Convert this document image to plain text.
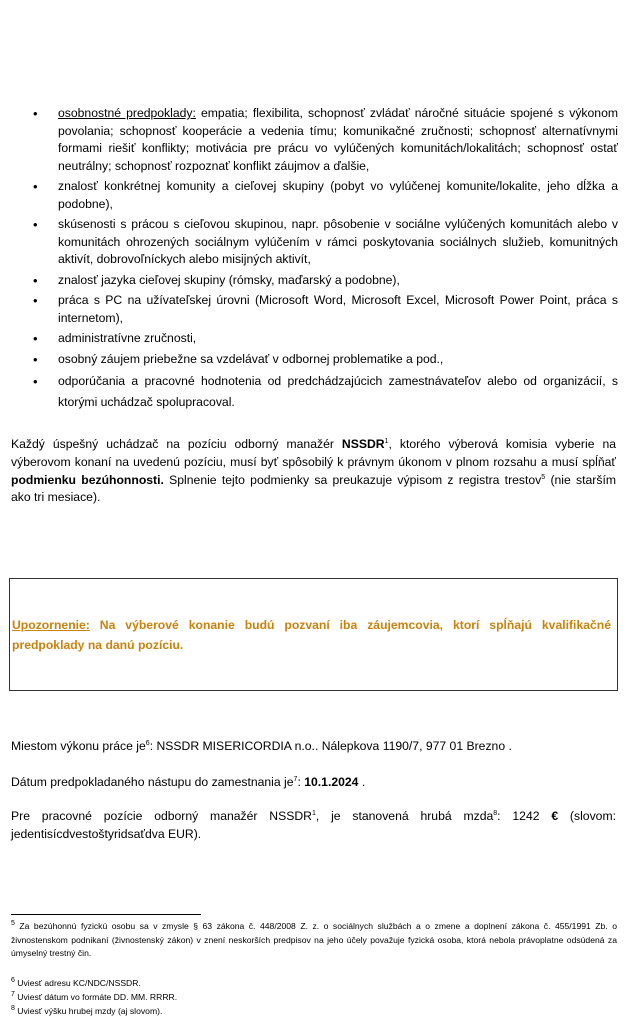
• osobnostné predpoklady: empatia; flexibilita, schopnosť zvládať náročné situácie spojené s výkonom povolania; schopnosť kooperácie a vedenia tímu; komunikačné zručnosti; schopnosť alternatívnymi formami riešiť konflikty; motivácia pre prácu vo vylúčených komunitách/lokalitách; schopnosť ostať neutrálny; schopnosť rozpoznať konflikt záujmov a ďalšie,
• znalosť konkrétnej komunity a cieľovej skupiny (pobyt vo vylúčenej komunite/lokalite, jeho dĺžka a podobne),
• skúsenosti s prácou s cieľovou skupinou, napr. pôsobenie v sociálne vylúčených komunitách alebo v komunitách ohrozených sociálnym vylúčením v rámci poskytovania sociálnych služieb, komunitných aktivít, dobrovoľníckych alebo misijných aktivít,
• znalosť jazyka cieľovej skupiny (rómsky, maďarský a podobne),
• práca s PC na užívateľskej úrovni (Microsoft Word, Microsoft Excel, Microsoft Power Point, práca s internetom),
• administratívne zručnosti,
• osobný záujem priebežne sa vzdelávať v odbornej problematike a pod.,
• odporúčania a pracovné hodnotenia od predchádzajúcich zamestnávateľov alebo od organizácií, s ktorými uchádzač spolupracoval.

Každý úspešný uchádzač na pozíciu odborný manažér NSSDR$^1$, ktorého výberová komisia vyberie na výberovom konaní na uvedenú pozíciu, musí byť spôsobilý k právnym úkonom v plnom rozsahu a musí spĺňať podmienku bezúhonnosti. Splnenie tejto podmienky sa preukazuje výpisom z registra trestov$^5$ (nie starším ako tri mesiace).

Upozornenie: Na výberové konanie budú pozvaní iba záujemcovia, ktorí spĺňajú kvalifikačné predpoklady na danú pozíciu.

Miestom výkonu práce $je^6$: NSSDR MISERICORDIA n.o.. Nálepkova 1190/7, 977 01 Brezno .

Dátum predpokladaného nástupu do zamestnania $je^7$: 10.1.2024 .

Pre pracovné pozície odborný manažér NSSDR$^1$, je stanovená hrubá mzda$^8$: 1242 € (slovom: jedentisícdvestoštyridsaťdva EUR).

$^5$ Za bezúhonnú fyzickú osobu sa v zmysle § 63 zákona č. 448/2008 Z. z. o sociálnych službách a o zmene a doplnení zákona č. 455/1991 Zb. o živnostenskom podnikaní (živnostenský zákon) v znení neskorších predpisov na jeho účely považuje fyzická osoba, ktorá nebola právoplatne odsúdená za úmyselný trestný čin.

$^6$ Uviesť adresu KC/NDC/NSSDR.

$^7$ Uviesť dátum vo formáte DD. MM. RRRR.

$^8$ Uviesť výšku hrubej mzdy (aj slovom).
